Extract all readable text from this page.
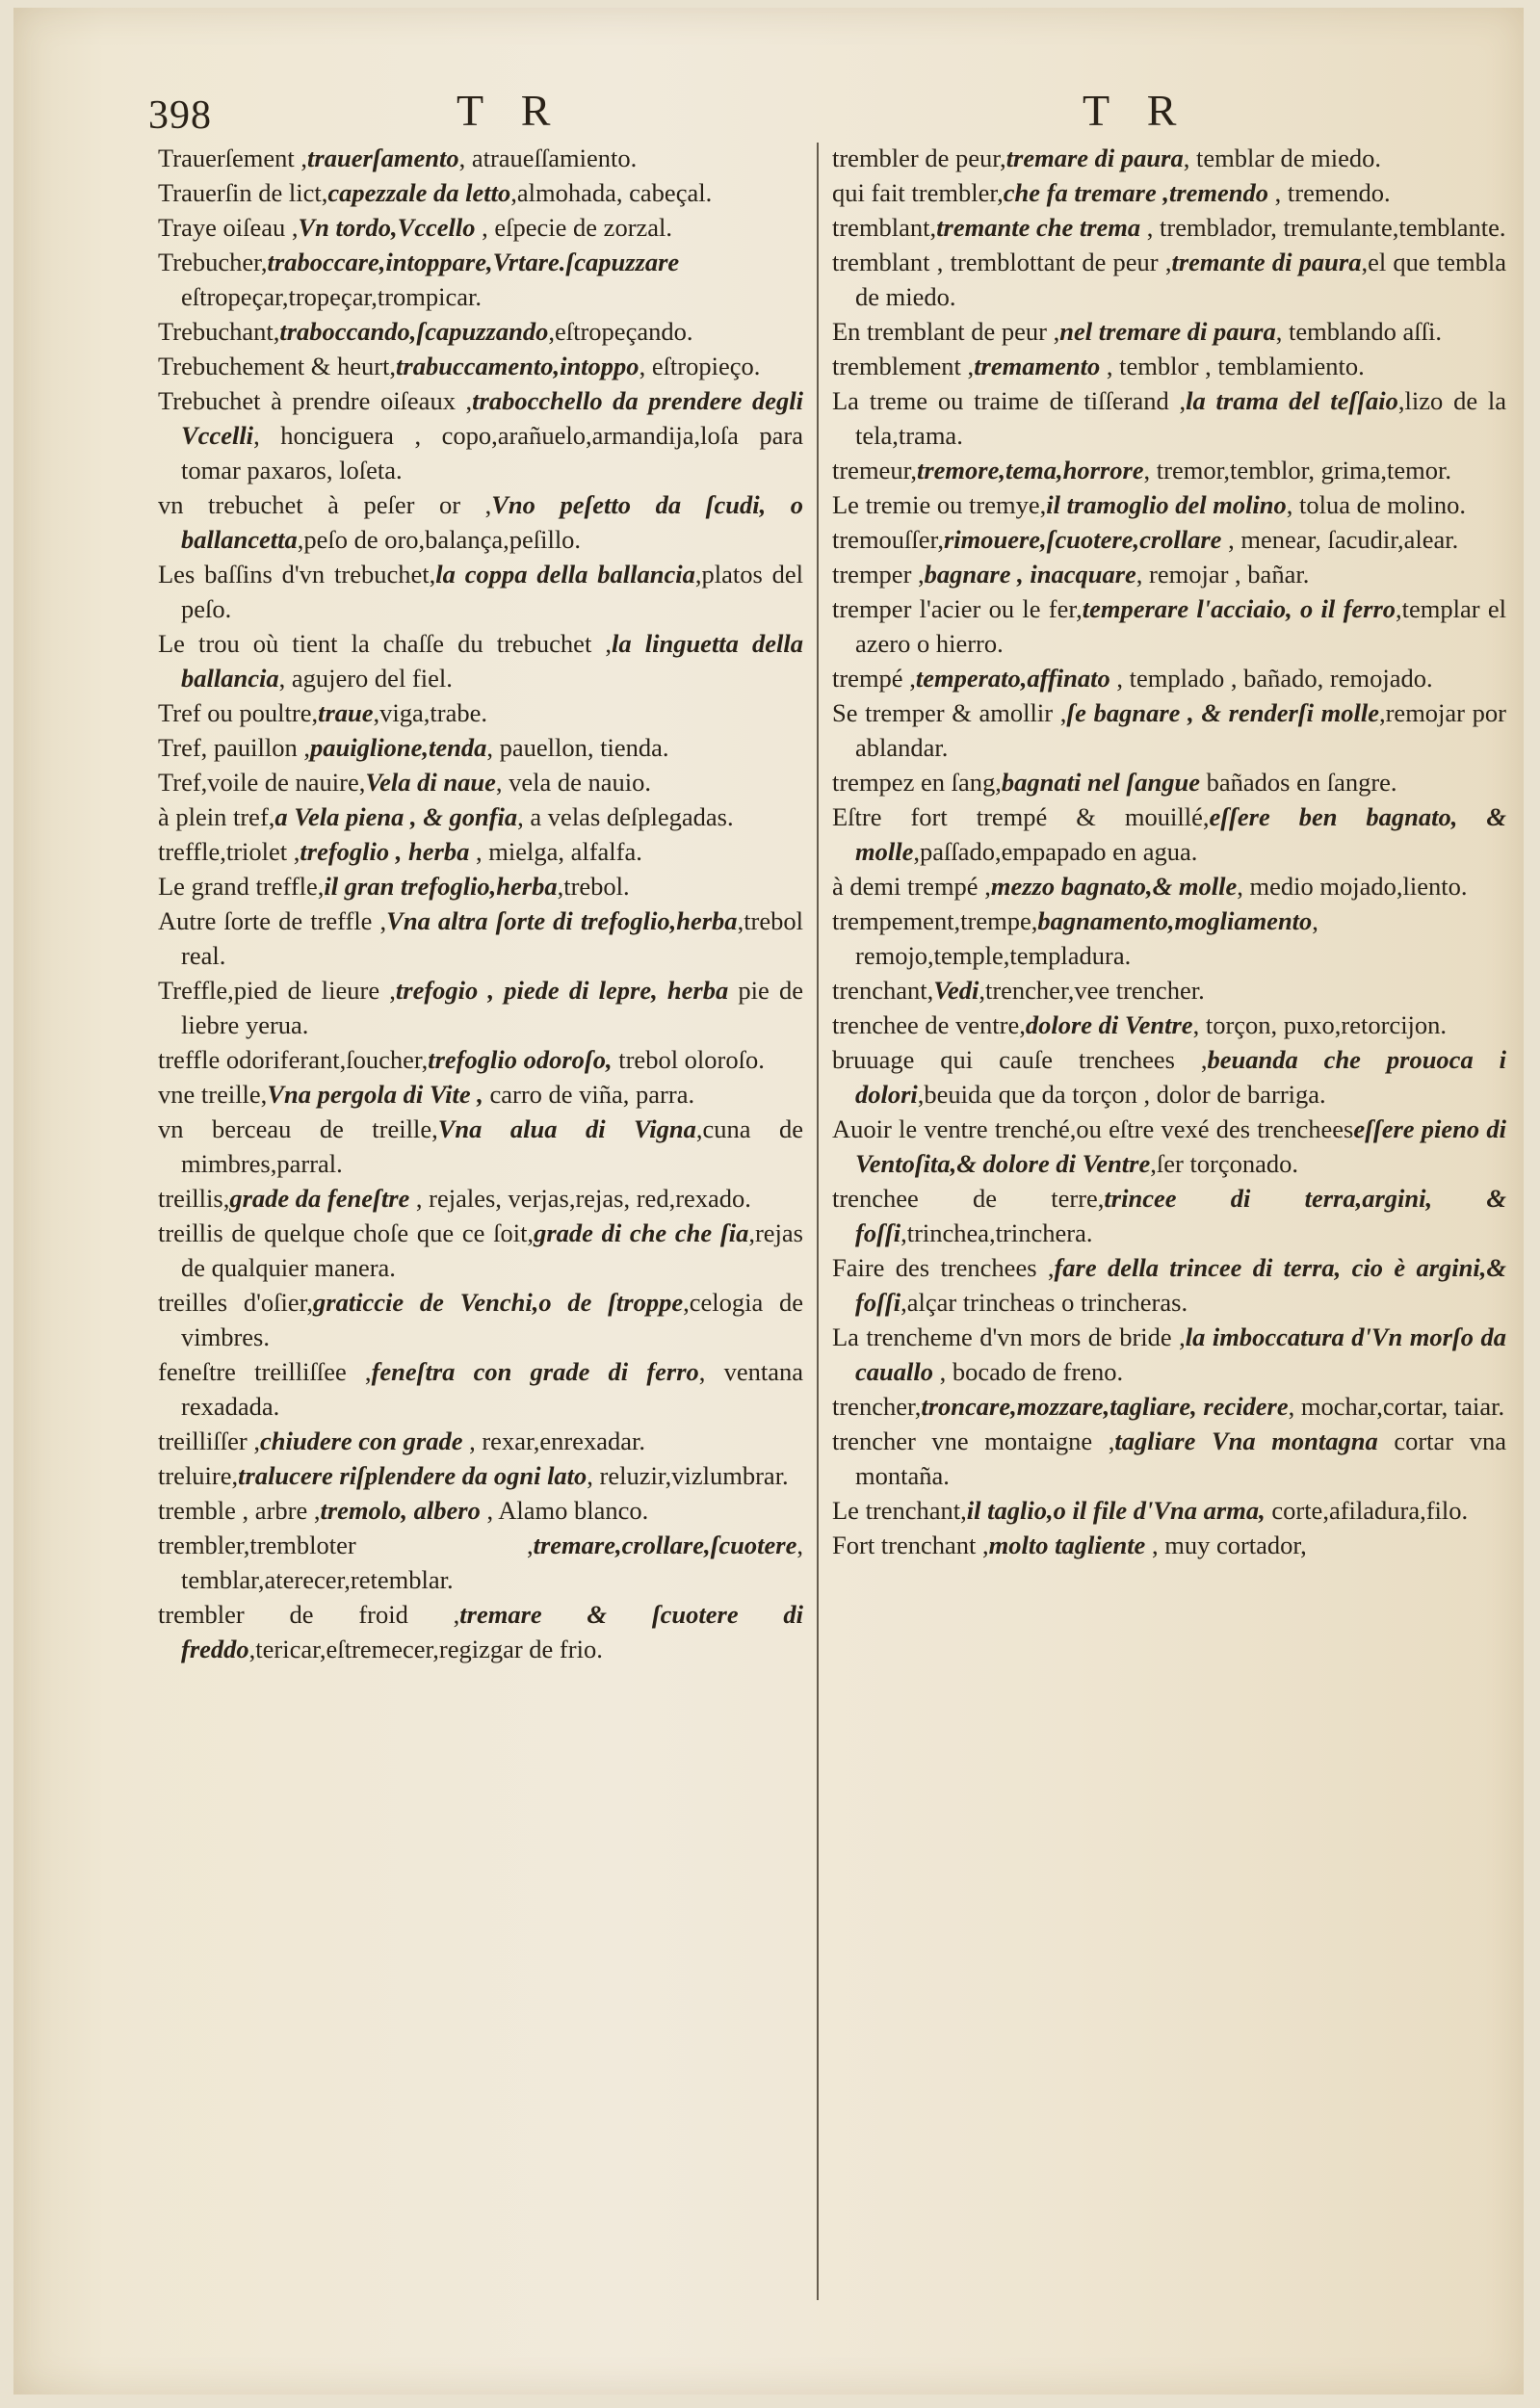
398	T R	T R

Trauerſement ,trauerſamento, atraueſſamiento.

Trauerſin de lict,capezzale da letto,almohada, cabeçal.

Traye oiſeau ,Vn tordo,Vccello , eſpecie de zorzal.

Trebucher,traboccare,intoppare,Vrtare.ſcapuzzare eſtropeçar,tropeçar,trompicar.

Trebuchant,traboccando,ſcapuzzando,eſtropeçando.

Trebuchement & heurt,trabuccamento,intoppo, eſtropieço.

Trebuchet à prendre oiſeaux ,trabocchello da prendere degli Vccelli, honciguera , copo,arañuelo,armandija,loſa para tomar paxaros, loſeta.

vn trebuchet à peſer or ,Vno peſetto da ſcudi, o ballancetta,peſo de oro,balança,peſillo.

Les baſſins d'vn trebuchet,la coppa della ballancia,platos del peſo.

Le trou où tient la chaſſe du trebuchet ,la linguetta della ballancia, agujero del fiel.

Tref ou poultre,traue,viga,trabe.

Tref, pauillon ,pauiglione,tenda, pauellon, tienda.

Tref,voile de nauire,Vela di naue, vela de nauio.

à plein tref,a Vela piena , & gonfia, a velas deſplegadas.

treffle,triolet ,trefoglio , herba , mielga, alfalfa.

Le grand treffle,il gran trefoglio,herba,trebol.

Autre ſorte de treffle ,Vna altra ſorte di trefoglio,herba,trebol real.

Treffle,pied de lieure ,trefogio , piede di lepre, herba pie de liebre yerua.

treffle odoriferant,ſoucher,trefoglio odoroſo, trebol oloroſo.

vne treille,Vna pergola di Vite , carro de viña, parra.

vn berceau de treille,Vna alua di Vigna,cuna de mimbres,parral.

treillis,grade da feneſtre , rejales, verjas,rejas, red,rexado.

treillis de quelque choſe que ce ſoit,grade di che che ſia,rejas de qualquier manera.

treilles d'oſier,graticcie de Venchi,o de ſtroppe,celogia de vimbres.

feneſtre treilliſſee ,feneſtra con grade di ferro, ventana rexadada.

treilliſſer ,chiudere con grade , rexar,enrexadar.

treluire,tralucere riſplendere da ogni lato, reluzir,vizlumbrar.

tremble , arbre ,tremolo, albero , Alamo blanco.

trembler,trembloter ,tremare,crollare,ſcuotere, temblar,aterecer,retemblar.

trembler de froid ,tremare & ſcuotere di freddo,tericar,eſtremecer,regizgar de frio.

trembler de peur,tremare di paura, temblar de miedo.

qui fait trembler,che fa tremare ,tremendo , tremendo.

tremblant,tremante che trema , tremblador, tremulante,temblante.

tremblant , tremblottant de peur ,tremante di paura,el que tembla de miedo.

En tremblant de peur ,nel tremare di paura, temblando aſſi.

tremblement ,tremamento , temblor , temblamiento.

La treme ou traime de tiſſerand ,la trama del teſſaio,lizo de la tela,trama.

tremeur,tremore,tema,horrore, tremor,temblor, grima,temor.

Le tremie ou tremye,il tramoglio del molino, tolua de molino.

tremouſſer,rimouere,ſcuotere,crollare , menear, ſacudir,alear.

tremper ,bagnare , inacquare, remojar , bañar.

tremper l'acier ou le fer,temperare l'acciaio, o il ferro,templar el azero o hierro.

trempé ,temperato,affinato , templado , bañado, remojado.

Se tremper & amollir ,ſe bagnare , & renderſi molle,remojar por ablandar.

trempez en ſang,bagnati nel ſangue bañados en ſangre.

Eſtre fort trempé & mouillé,eſſere ben bagnato, & molle,paſſado,empapado en agua.

à demi trempé ,mezzo bagnato,& molle, medio mojado,liento.

trempement,trempe,bagnamento,mogliamento, remojo,temple,templadura.

trenchant,Vedi,trencher,vee trencher.

trenchee de ventre,dolore di Ventre, torçon, puxo,retorcijon.

bruuage qui cauſe trenchees ,beuanda che prouoca i dolori,beuida que da torçon , dolor de barriga.

Auoir le ventre trenché,ou eſtre vexé des trencheeseſſere pieno di Ventoſita,& dolore di Ventre,ſer torçonado.

trenchee de terre,trincee di terra,argini, & foſſi,trinchea,trinchera.

Faire des trenchees ,fare della trincee di terra, cio è argini,& foſſi,alçar trincheas o trincheras.

La trencheme d'vn mors de bride ,la imboccatura d'Vn morſo da cauallo , bocado de freno.

trencher,troncare,mozzare,tagliare, recidere, mochar,cortar, taiar.

trencher vne montaigne ,tagliare Vna montagna cortar vna montaña.

Le trenchant,il taglio,o il file d'Vna arma, corte,afiladura,filo.

Fort trenchant ,molto tagliente , muy cortador,
